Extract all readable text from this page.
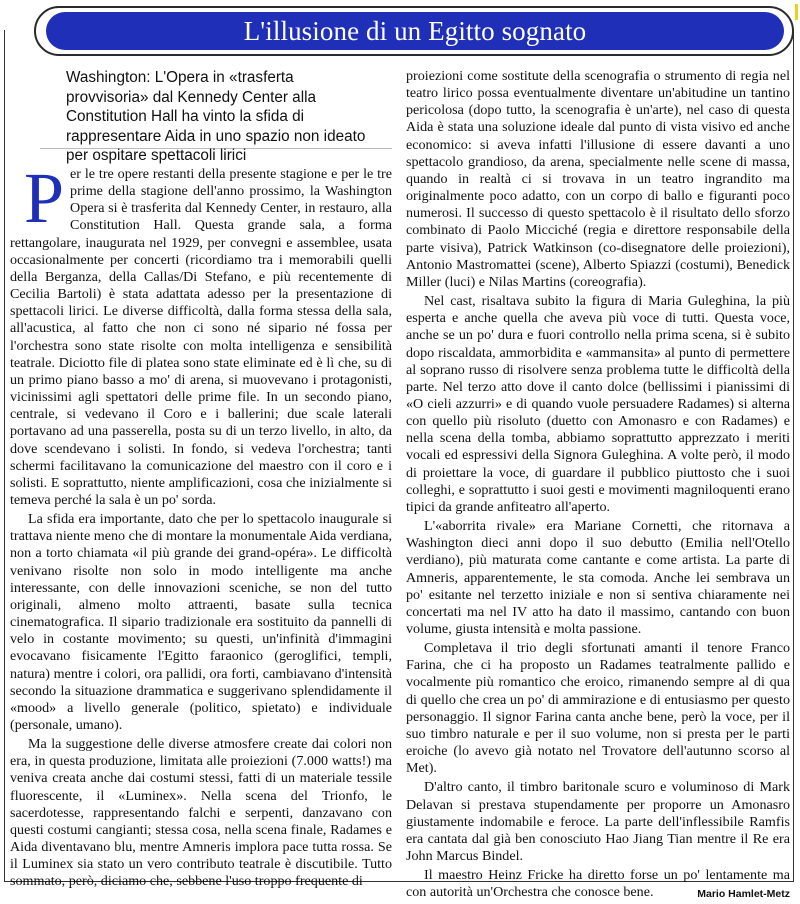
L'illusione di un Egitto sognato
Washington: L'Opera in «trasferta provvisoria» dal Kennedy Center alla Constitution Hall ha vinto la sfida di rappresentare Aida in uno spazio non ideato per ospitare spettacoli lirici

Per le tre opere restanti della presente stagione e per le tre prime della stagione dell'anno prossimo, la Washington Opera si è trasferita dal Kennedy Center, in restauro, alla Constitution Hall. Questa grande sala, a forma rettangolare, inaugurata nel 1929, per convegni e assemblee, usata occasionalmente per concerti (ricordiamo tra i memorabili quelli della Berganza, della Callas/Di Stefano, e più recentemente di Cecilia Bartoli) è stata adattata adesso per la presentazione di spettacoli lirici. Le diverse difficoltà, dalla forma stessa della sala, all'acustica, al fatto che non ci sono né sipario né fossa per l'orchestra sono state risolte con molta intelligenza e sensibilità teatrale. Diciotto file di platea sono state eliminate ed è lì che, su di un primo piano basso a mo' di arena, si muovevano i protagonisti, vicinissimi agli spettatori delle prime file. In un secondo piano, centrale, si vedevano il Coro e i ballerini; due scale laterali portavano ad una passerella, posta su di un terzo livello, in alto, da dove scendevano i solisti. In fondo, si vedeva l'orchestra; tanti schermi facilitavano la comunicazione del maestro con il coro e i solisti. E soprattutto, niente amplificazioni, cosa che inizialmente si temeva perché la sala è un po' sorda.

La sfida era importante, dato che per lo spettacolo inaugurale si trattava niente meno che di montare la monumentale Aida verdiana, non a torto chiamata «il più grande dei grand-opéra». Le difficoltà venivano risolte non solo in modo intelligente ma anche interessante, con delle innovazioni sceniche, se non del tutto originali, almeno molto attraenti, basate sulla tecnica cinematografica. Il sipario tradizionale era sostituito da pannelli di velo in costante movimento; su questi, un'infinità d'immagini evocavano fisicamente l'Egitto faraonico (geroglifici, templi, natura) mentre i colori, ora pallidi, ora forti, cambiavano d'intensità secondo la situazione drammatica e suggerivano splendidamente il «mood» a livello generale (politico, spietato) e individuale (personale, umano).

Ma la suggestione delle diverse atmosfere create dai colori non era, in questa produzione, limitata alle proiezioni (7.000 watts!) ma veniva creata anche dai costumi stessi, fatti di un materiale tessile fluorescente, il «Luminex». Nella scena del Trionfo, le sacerdotesse, rappresentando falchi e serpenti, danzavano con questi costumi cangianti; stessa cosa, nella scena finale, Radames e Aida diventavano blu, mentre Amneris implora pace tutta rossa. Se il Luminex sia stato un vero contributo teatrale è discutibile. Tutto sommato, però, diciamo che, sebbene l'uso troppo frequente di

proiezioni come sostitute della scenografia o strumento di regia nel teatro lirico possa eventualmente diventare un'abitudine un tantino pericolosa (dopo tutto, la scenografia è un'arte), nel caso di questa Aida è stata una soluzione ideale dal punto di vista visivo ed anche economico: si aveva infatti l'illusione di essere davanti a uno spettacolo grandioso, da arena, specialmente nelle scene di massa, quando in realtà ci si trovava in un teatro ingrandito ma originalmente poco adatto, con un corpo di ballo e figuranti poco numerosi. Il successo di questo spettacolo è il risultato dello sforzo combinato di Paolo Micciché (regia e direttore responsabile della parte visiva), Patrick Watkinson (co-disegnatore delle proiezioni), Antonio Mastromattei (scene), Alberto Spiazzi (costumi), Benedick Miller (luci) e Nilas Martins (coreografia).

Nel cast, risaltava subito la figura di Maria Guleghina, la più esperta e anche quella che aveva più voce di tutti. Questa voce, anche se un po' dura e fuori controllo nella prima scena, si è subito dopo riscaldata, ammorbidita e «ammansita» al punto di permettere al soprano russo di risolvere senza problema tutte le difficoltà della parte. Nel terzo atto dove il canto dolce (bellissimi i pianissimi di «O cieli azzurri» e di quando vuole persuadere Radames) si alterna con quello più risoluto (duetto con Amonasro e con Radames) e nella scena della tomba, abbiamo soprattutto apprezzato i meriti vocali ed espressivi della Signora Guleghina. A volte però, il modo di proiettare la voce, di guardare il pubblico piuttosto che i suoi colleghi, e soprattutto i suoi gesti e movimenti magniloquenti erano tipici da grande anfiteatro all'aperto.

L'«aborrita rivale» era Mariane Cornetti, che ritornava a Washington dieci anni dopo il suo debutto (Emilia nell'Otello verdiano), più maturata come cantante e come artista. La parte di Amneris, apparentemente, le sta comoda. Anche lei sembrava un po' esitante nel terzetto iniziale e non si sentiva chiaramente nei concertati ma nel IV atto ha dato il massimo, cantando con buon volume, giusta intensità e molta passione.

Completava il trio degli sfortunati amanti il tenore Franco Farina, che ci ha proposto un Radames teatralmente pallido e vocalmente più romantico che eroico, rimanendo sempre al di qua di quello che crea un po' di ammirazione e di entusiasmo per questo personaggio. Il signor Farina canta anche bene, però la voce, per il suo timbro naturale e per il suo volume, non si presta per le parti eroiche (lo avevo già notato nel Trovatore dell'autunno scorso al Met).

D'altro canto, il timbro baritonale scuro e voluminoso di Mark Delavan si prestava stupendamente per proporre un Amonasro giustamente indomabile e feroce. La parte dell'inflessibile Ramfis era cantata dal già ben conosciuto Hao Jiang Tian mentre il Re era John Marcus Bindel.

Il maestro Heinz Fricke ha diretto forse un po' lentamente ma con autorità un'Orchestra che conosce bene.	Mario Hamlet-Metz
